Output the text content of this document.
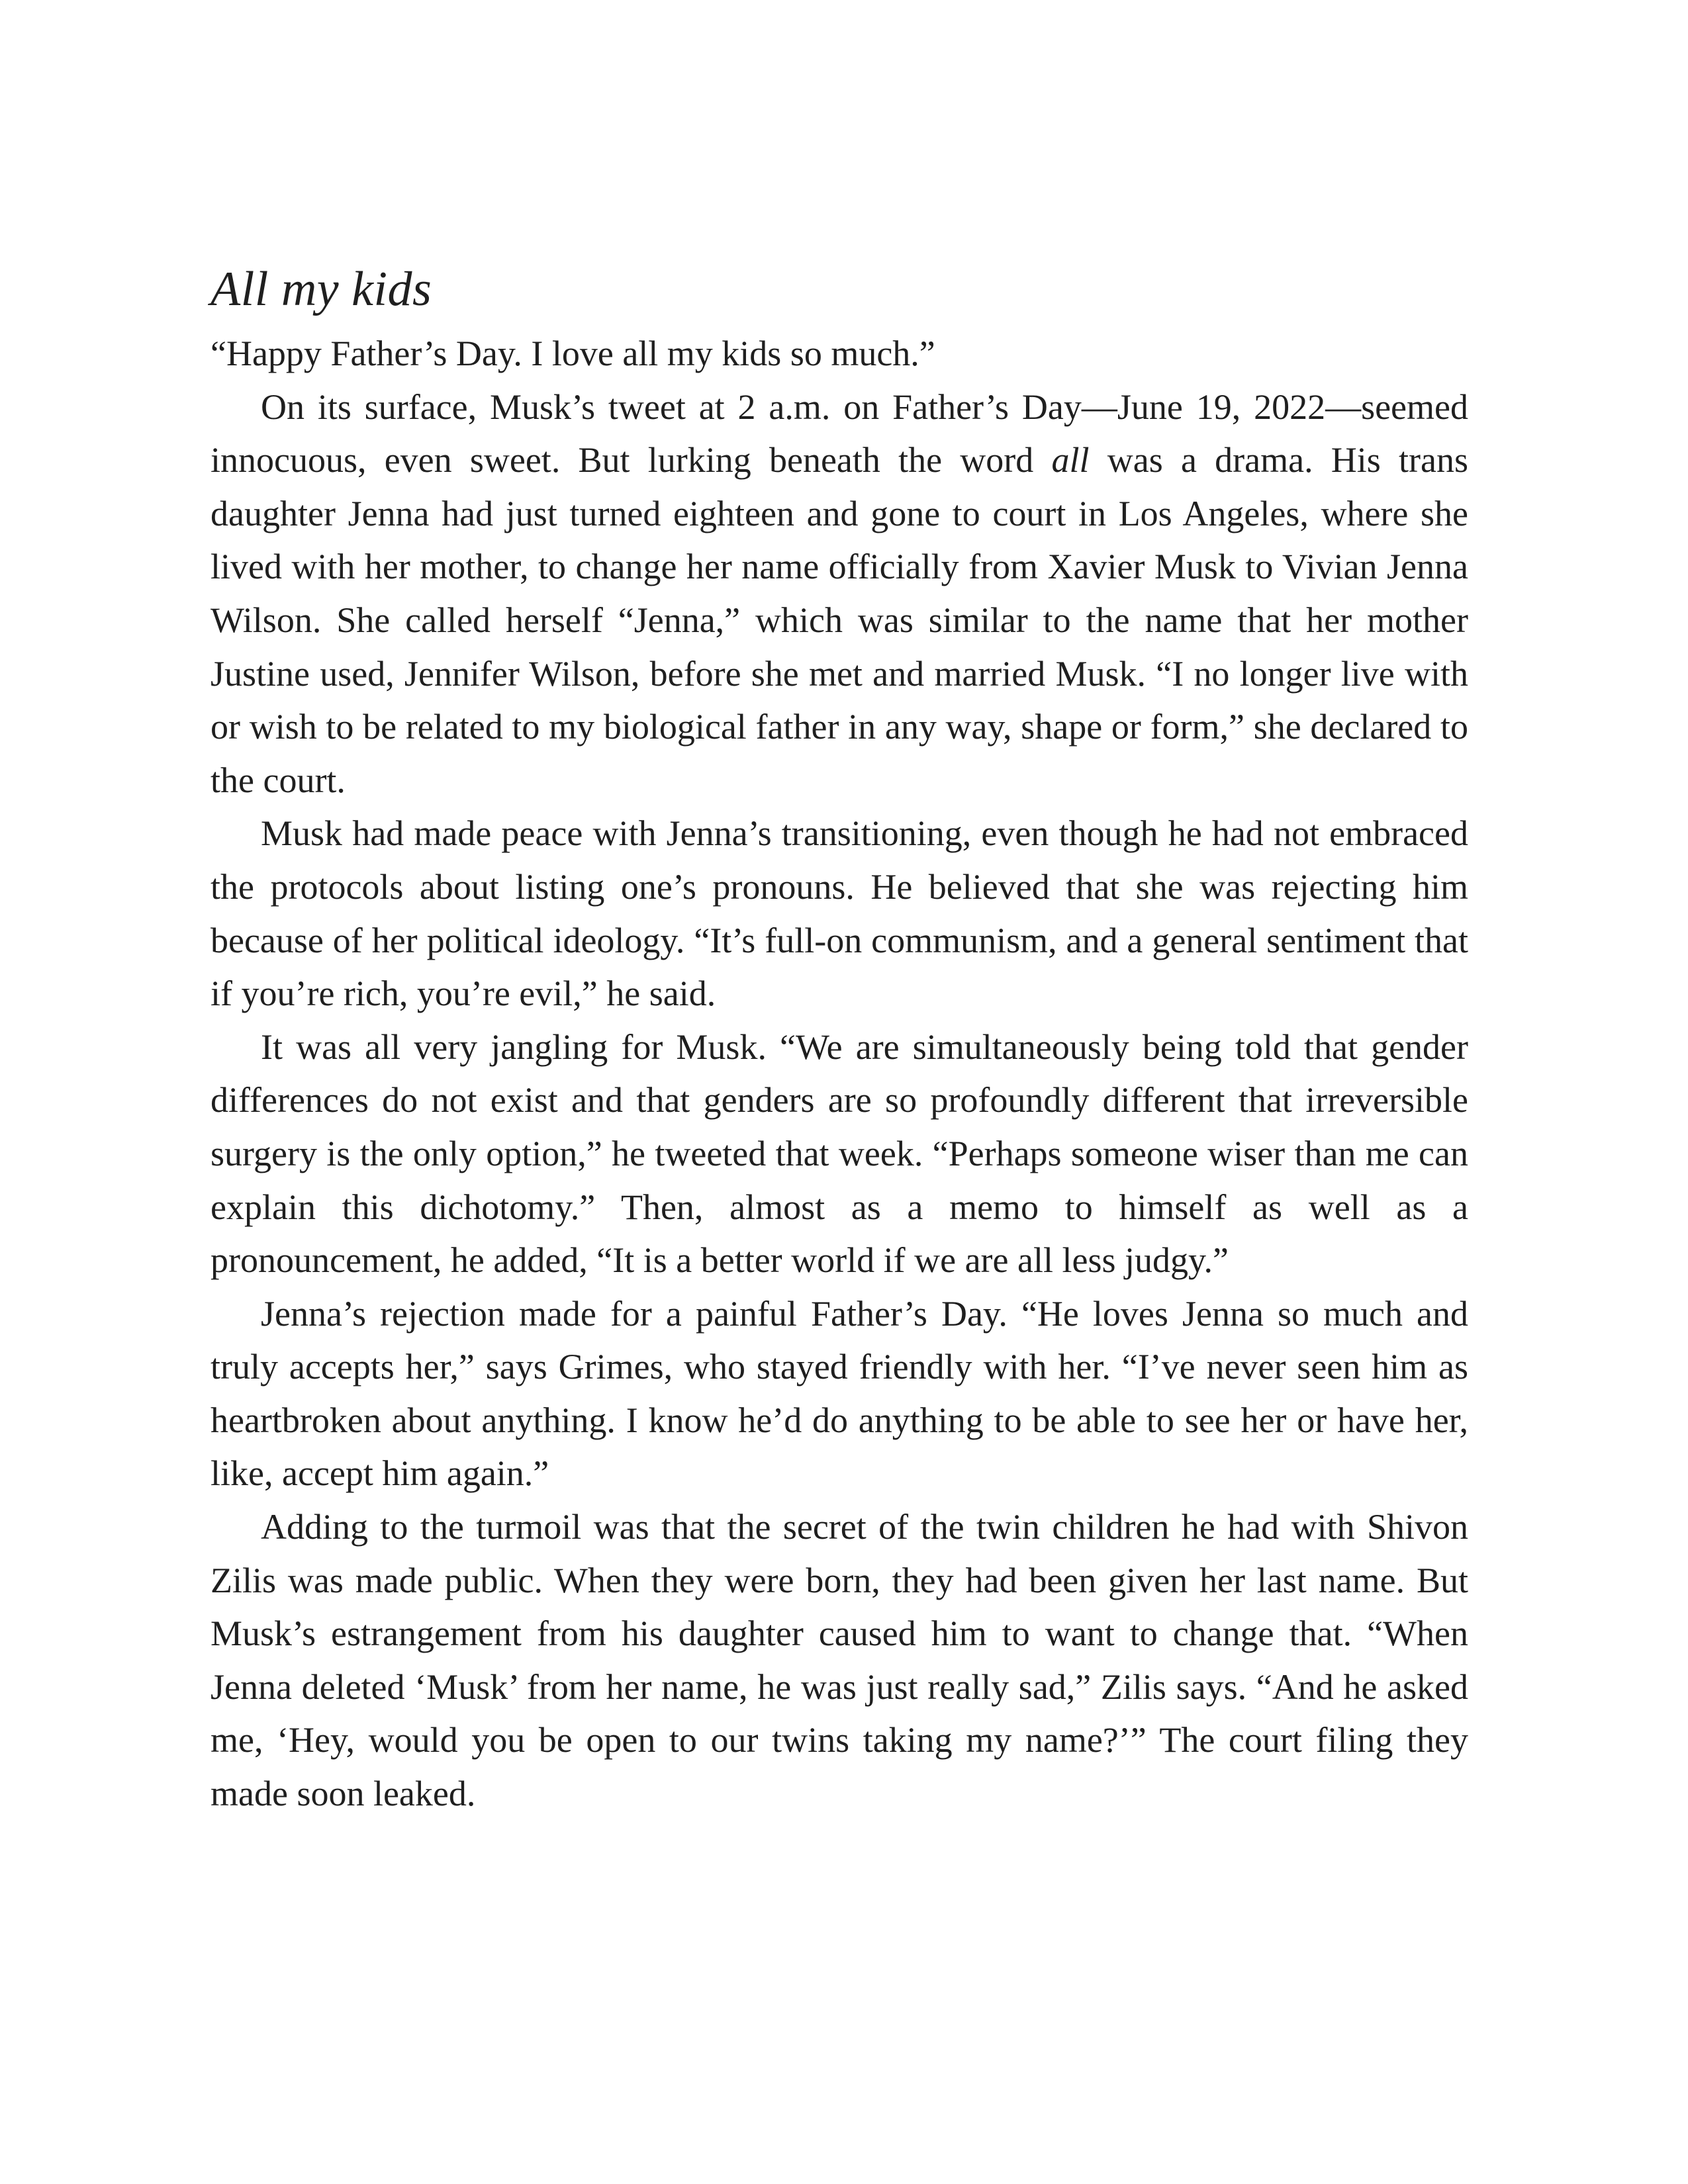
All my kids

“Happy Father’s Day. I love all my kids so much.”

On its surface, Musk’s tweet at 2 a.m. on Father’s Day—June 19, 2022—seemed innocuous, even sweet. But lurking beneath the word all was a drama. His trans daughter Jenna had just turned eighteen and gone to court in Los Angeles, where she lived with her mother, to change her name officially from Xavier Musk to Vivian Jenna Wilson. She called herself “Jenna,” which was similar to the name that her mother Justine used, Jennifer Wilson, before she met and married Musk. “I no longer live with or wish to be related to my biological father in any way, shape or form,” she declared to the court.

Musk had made peace with Jenna’s transitioning, even though he had not embraced the protocols about listing one’s pronouns. He believed that she was rejecting him because of her political ideology. “It’s full-on communism, and a general sentiment that if you’re rich, you’re evil,” he said.

It was all very jangling for Musk. “We are simultaneously being told that gender differences do not exist and that genders are so profoundly different that irreversible surgery is the only option,” he tweeted that week. “Perhaps someone wiser than me can explain this dichotomy.” Then, almost as a memo to himself as well as a pronouncement, he added, “It is a better world if we are all less judgy.”

Jenna’s rejection made for a painful Father’s Day. “He loves Jenna so much and truly accepts her,” says Grimes, who stayed friendly with her. “I’ve never seen him as heartbroken about anything. I know he’d do anything to be able to see her or have her, like, accept him again.”

Adding to the turmoil was that the secret of the twin children he had with Shivon Zilis was made public. When they were born, they had been given her last name. But Musk’s estrangement from his daughter caused him to want to change that. “When Jenna deleted ‘Musk’ from her name, he was just really sad,” Zilis says. “And he asked me, ‘Hey, would you be open to our twins taking my name?’” The court filing they made soon leaked.
